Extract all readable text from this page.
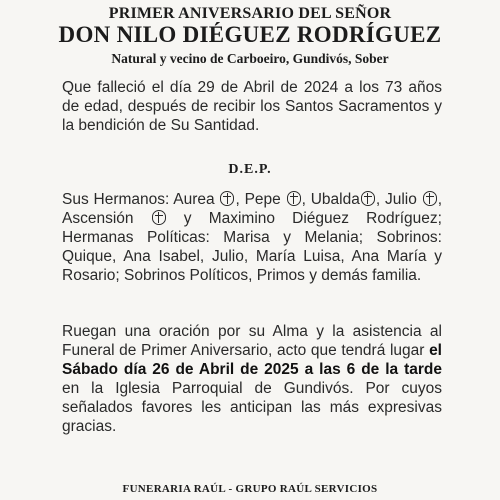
PRIMER ANIVERSARIO DEL SEÑOR
DON NILO DIÉGUEZ RODRÍGUEZ
Natural y vecino de Carboeiro, Gundivós, Sober
Que falleció el día 29 de Abril de 2024 a los 73 años de edad, después de recibir los Santos Sacramentos y la bendición de Su Santidad.
D.E.P.
Sus Hermanos: Aurea , Pepe , Ubalda , Julio , Ascensión  y Maximino Diéguez Rodríguez; Hermanas Políticas: Marisa y Melania; Sobrinos: Quique, Ana Isabel, Julio, María Luisa, Ana María y Rosario; Sobrinos Políticos, Primos y demás familia.
Ruegan una oración por su Alma y la asistencia al Funeral de Primer Aniversario, acto que tendrá lugar el Sábado día 26 de Abril de 2025 a las 6 de la tarde en la Iglesia Parroquial de Gundivós. Por cuyos señalados favores les anticipan las más expresivas gracias.
FUNERARIA RAÚL - GRUPO RAÚL SERVICIOS
